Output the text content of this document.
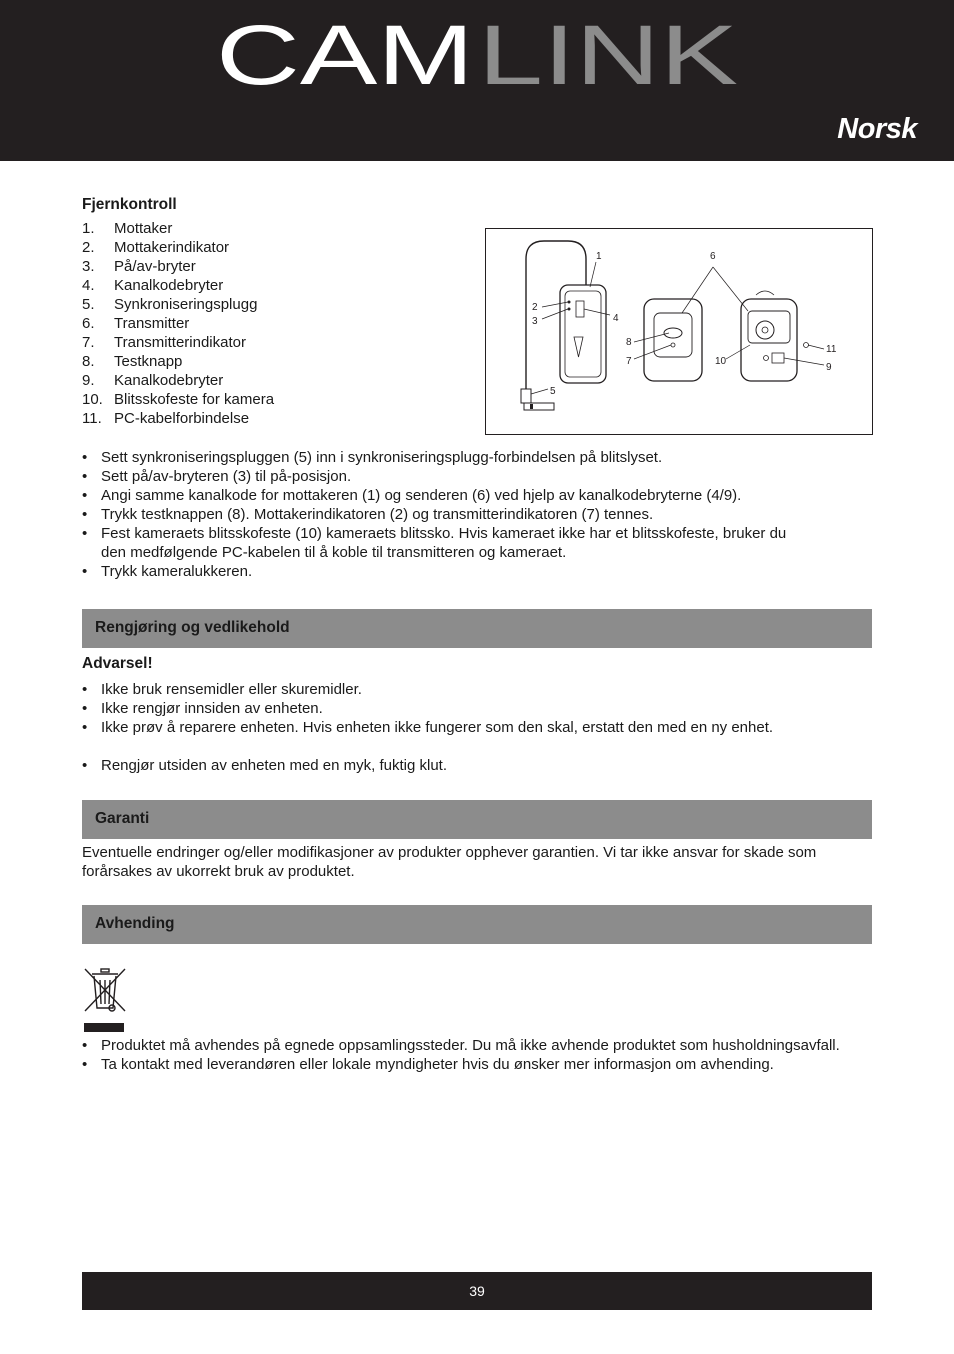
CAM LINK
Norsk
Fjernkontroll
1.	Mottaker
2.	Mottakerindikator
3.	På/av-bryter
4.	Kanalkodebryter
5.	Synkroniseringsplugg
6.	Transmitter
7.	Transmitterindikator
8.	Testknapp
9.	Kanalkodebryter
10. Blitsskofeste for kamera
11. PC-kabelforbindelse
• Sett synkroniseringspluggen (5) inn i synkroniseringsplugg-forbindelsen på blitslyset.
• Sett på/av-bryteren (3) til på-posisjon.
• Angi samme kanalkode for mottakeren (1) og senderen (6) ved hjelp av kanalkodebryterne (4/9).
• Trykk testknappen (8). Mottakerindikatoren (2) og transmitterindikatoren (7) tennes.
• Fest kameraets blitsskofeste (10) kameraets blitssko. Hvis kameraet ikke har et blitsskofeste, bruker du den medfølgende PC-kabelen til å koble til transmitteren og kameraet.
• Trykk kameralukkeren.
1
2
3	4
5
6
7
8
9
10
11
Rengjøring og vedlikehold
Advarsel!
• Ikke bruk rensemidler eller skuremidler.
• Ikke rengjør innsiden av enheten.
• Ikke prøv å reparere enheten. Hvis enheten ikke fungerer som den skal, erstatt den med en ny enhet.
• Rengjør utsiden av enheten med en myk, fuktig klut.
Garanti
Eventuelle endringer og/eller modifikasjoner av produkter opphever garantien. Vi tar ikke ansvar for skade som forårsakes av ukorrekt bruk av produktet.
Avhending
• Produktet må avhendes på egnede oppsamlingssteder. Du må ikke avhende produktet som husholdningsavfall.
• Ta kontakt med leverandøren eller lokale myndigheter hvis du ønsker mer informasjon om avhending.
39
